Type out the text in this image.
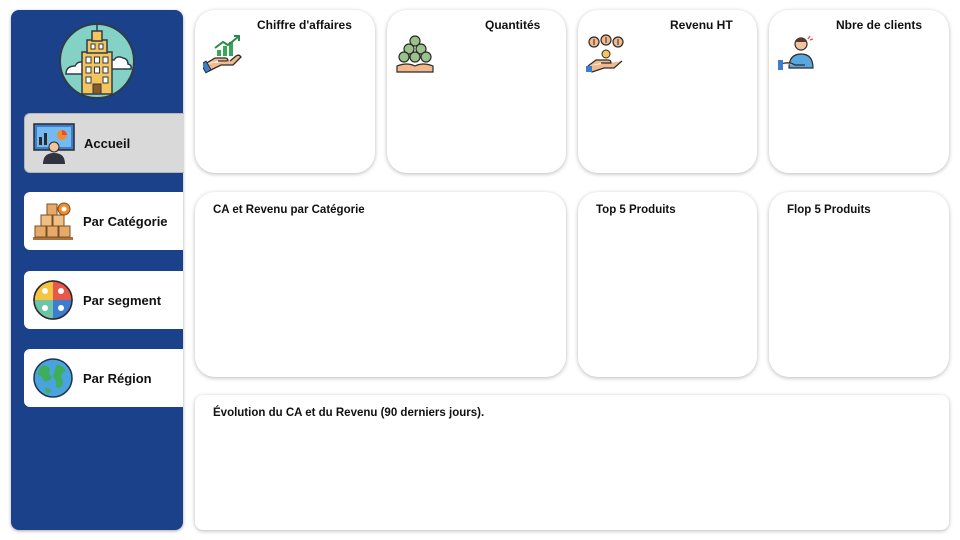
Accueil
Par Catégorie
Par segment
Par Région
Chiffre d'affaires	Quantités	Revenu HT	Nbre de clients
CA et Revenu par Catégorie	Top 5 Produits	Flop 5 Produits
Évolution du CA et du Revenu (90 derniers jours).
